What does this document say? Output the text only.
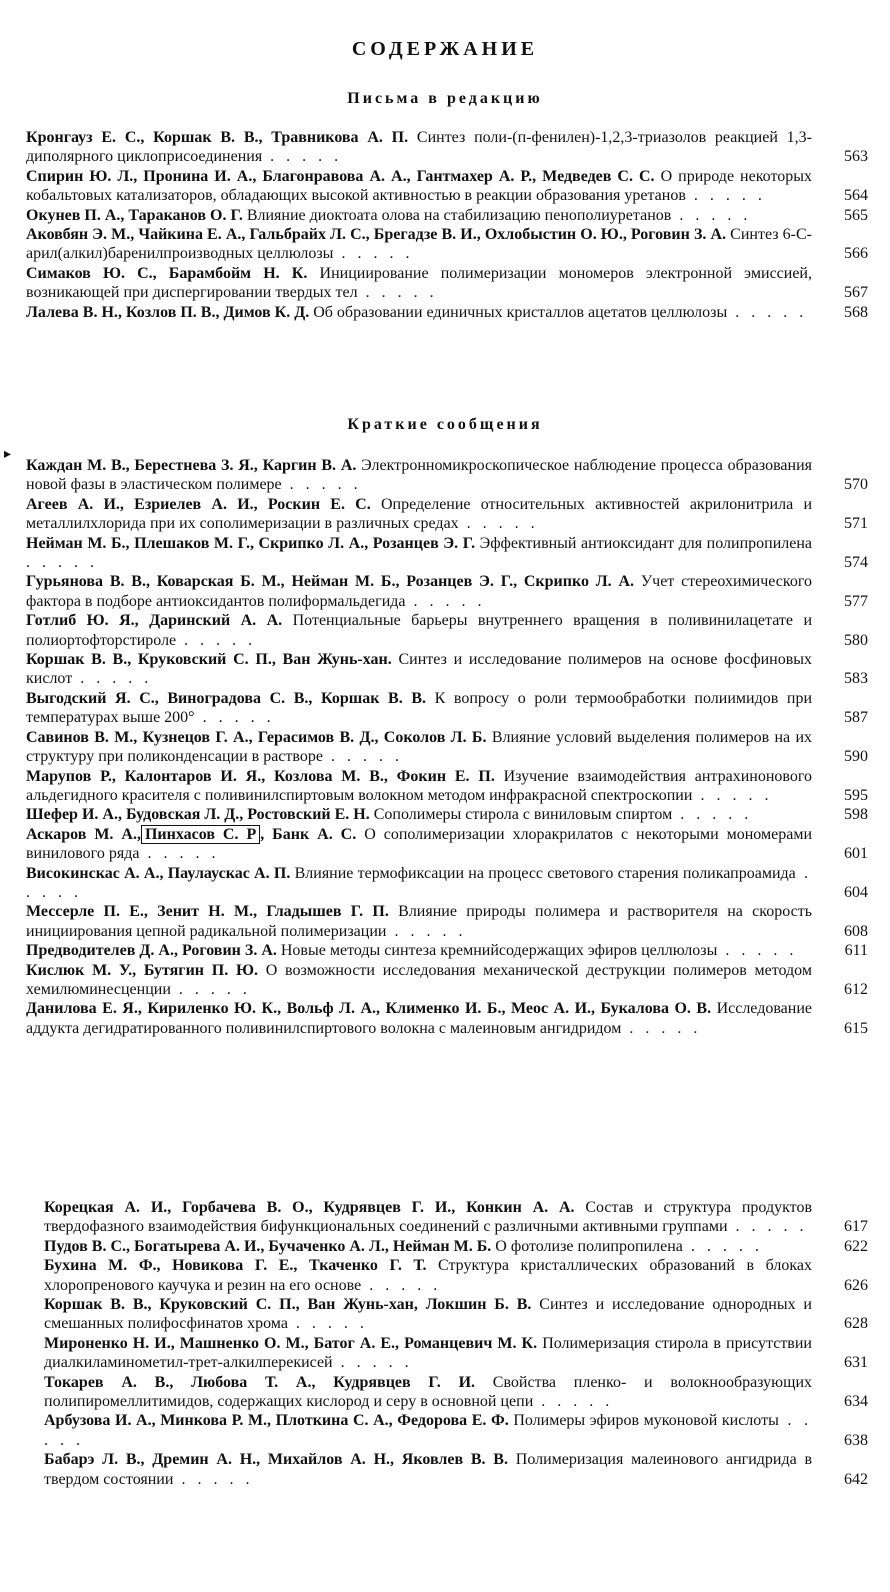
СОДЕРЖАНИЕ
Письма в редакцию
Краткие сообщения
▸
Кронгауз Е. С., Коршак В. В., Травникова А. П. Синтез поли-(п-фенилен)-1,2,3-триазолов реакцией 1,3-диполярного циклоприсоединения . . . . .	563
Спирин Ю. Л., Пронина И. А., Благонравова А. А., Гантмахер А. Р., Медведев С. С. О природе некоторых кобальтовых катализаторов, обладающих высокой активностью в реакции образования уретанов . . . . .	564
Окунев П. А., Тараканов О. Г. Влияние диоктоата олова на стабилизацию пенополиуретанов . . . . .	565
Аковбян Э. М., Чайкина Е. А., Гальбрайх Л. С., Брегадзе В. И., Охлобыстин О. Ю., Роговин З. А. Синтез 6-С-арил(алкил)баренилпроизводных целлюлозы . . . . .	566
Симаков Ю. С., Барамбойм Н. К. Инициирование полимеризации мономеров электронной эмиссией, возникающей при диспергировании твердых тел . . . . .	567
Лалева В. Н., Козлов П. В., Димов К. Д. Об образовании единичных кристаллов ацетатов целлюлозы . . . . . 568
Каждан М. В., Берестнева З. Я., Каргин В. А. Электронномикроскопическое наблюдение процесса образования новой фазы в эластическом полимере . . . . .	570
Агеев А. И., Езриелев А. И., Роскин Е. С. Определение относительных активностей акрилонитрила и металлилхлорида при их сополимеризации в различных средах . . . . .	571
Нейман М. Б., Плешаков М. Г., Скрипко Л. А., Розанцев Э. Г. Эффективный антиоксидант для полипропилена . . . . .	574
Гурьянова В. В., Коварская Б. М., Нейман М. Б., Розанцев Э. Г., Скрипко Л. А. Учет стереохимического фактора в подборе антиоксидантов полиформальдегида . . . . .	577
Готлиб Ю. Я., Даринский А. А. Потенциальные барьеры внутреннего вращения в поливинилацетате и полиортофторстироле . . . . .	580
Коршак В. В., Круковский С. П., Ван Жунь-хан. Синтез и исследование полимеров на основе фосфиновых кислот . . . . .	583
Выгодский Я. С., Виноградова С. В., Коршак В. В. К вопросу о роли термообработки полиимидов при температурах выше 200° . . . . .	587
Савинов В. М., Кузнецов Г. А., Герасимов В. Д., Соколов Л. Б. Влияние условий выделения полимеров на их структуру при поликонденсации в растворе . . . . .	590
Марупов Р., Калонтаров И. Я., Козлова М. В., Фокин Е. П. Изучение взаимодействия антрахинонового альдегидного красителя с поливинилспиртовым волокном методом инфракрасной спектроскопии . . . . .	595
Шефер И. А., Будовская Л. Д., Ростовский Е. Н. Сополимеры стирола с виниловым спиртом . . . . .	598
Аскаров М. А., Пинхасов С. Р , Банк А. С. О сополимеризации хлоракрилатов с некоторыми мономерами винилового ряда . . . . .	601
Високинскас А. А., Паулаускас А. П. Влияние термофиксации на процесс светового старения поликапроамида . . . . .	604
Мессерле П. Е., Зенит Н. М., Гладышев Г. П. Влияние природы полимера и растворителя на скорость инициирования цепной радикальной полимеризации . . . . .	608
Предводителев Д. А., Роговин З. А. Новые методы синтеза кремнийсодержащих эфиров целлюлозы . . . . .	611
Кислюк М. У., Бутягин П. Ю. О возможности исследования механической деструкции полимеров методом хемилюминесценции . . . . .	612
Данилова Е. Я., Кириленко Ю. К., Вольф Л. А., Клименко И. Б., Меос А. И., Букалова О. В. Исследование аддукта дегидратированного поливинилспиртового волокна с малеиновым ангидридом . . . . .	615
Корецкая А. И., Горбачева В. О., Кудрявцев Г. И., Конкин А. А. Состав и структура продуктов твердофазного взаимодействия бифункциональных соединений с различными активными группами . . . . . 617
Пудов В. С., Богатырева А. И., Бучаченко А. Л., Нейман М. Б. О фотолизе полипропилена . . . . .	622
Бухина М. Ф., Новикова Г. Е., Ткаченко Г. Т. Структура кристаллических образований в блоках хлоропренового каучука и резин на его основе . . . . .	626
Коршак В. В., Круковский С. П., Ван Жунь-хан, Локшин Б. В. Синтез и исследование однородных и смешанных полифосфинатов хрома . . . . .	628
Мироненко Н. И., Машненко О. М., Батог А. Е., Романцевич М. К. Полимеризация стирола в присутствии диалкиламинометил-трет-алкилперекисей . . . . .	631
Токарев А. В., Любова Т. А., Кудрявцев Г. И. Свойства пленко- и волокнообразующих полипиромеллитимидов, содержащих кислород и серу в основной цепи . . . . .	634
Арбузова И. А., Минкова Р. М., Плоткина С. А., Федорова Е. Ф. Полимеры эфиров муконовой кислоты . . . . .	638
Бабарэ Л. В., Дремин А. Н., Михайлов А. Н., Яковлев В. В. Полимеризация малеинового ангидрида в твердом состоянии . . . . .	642
